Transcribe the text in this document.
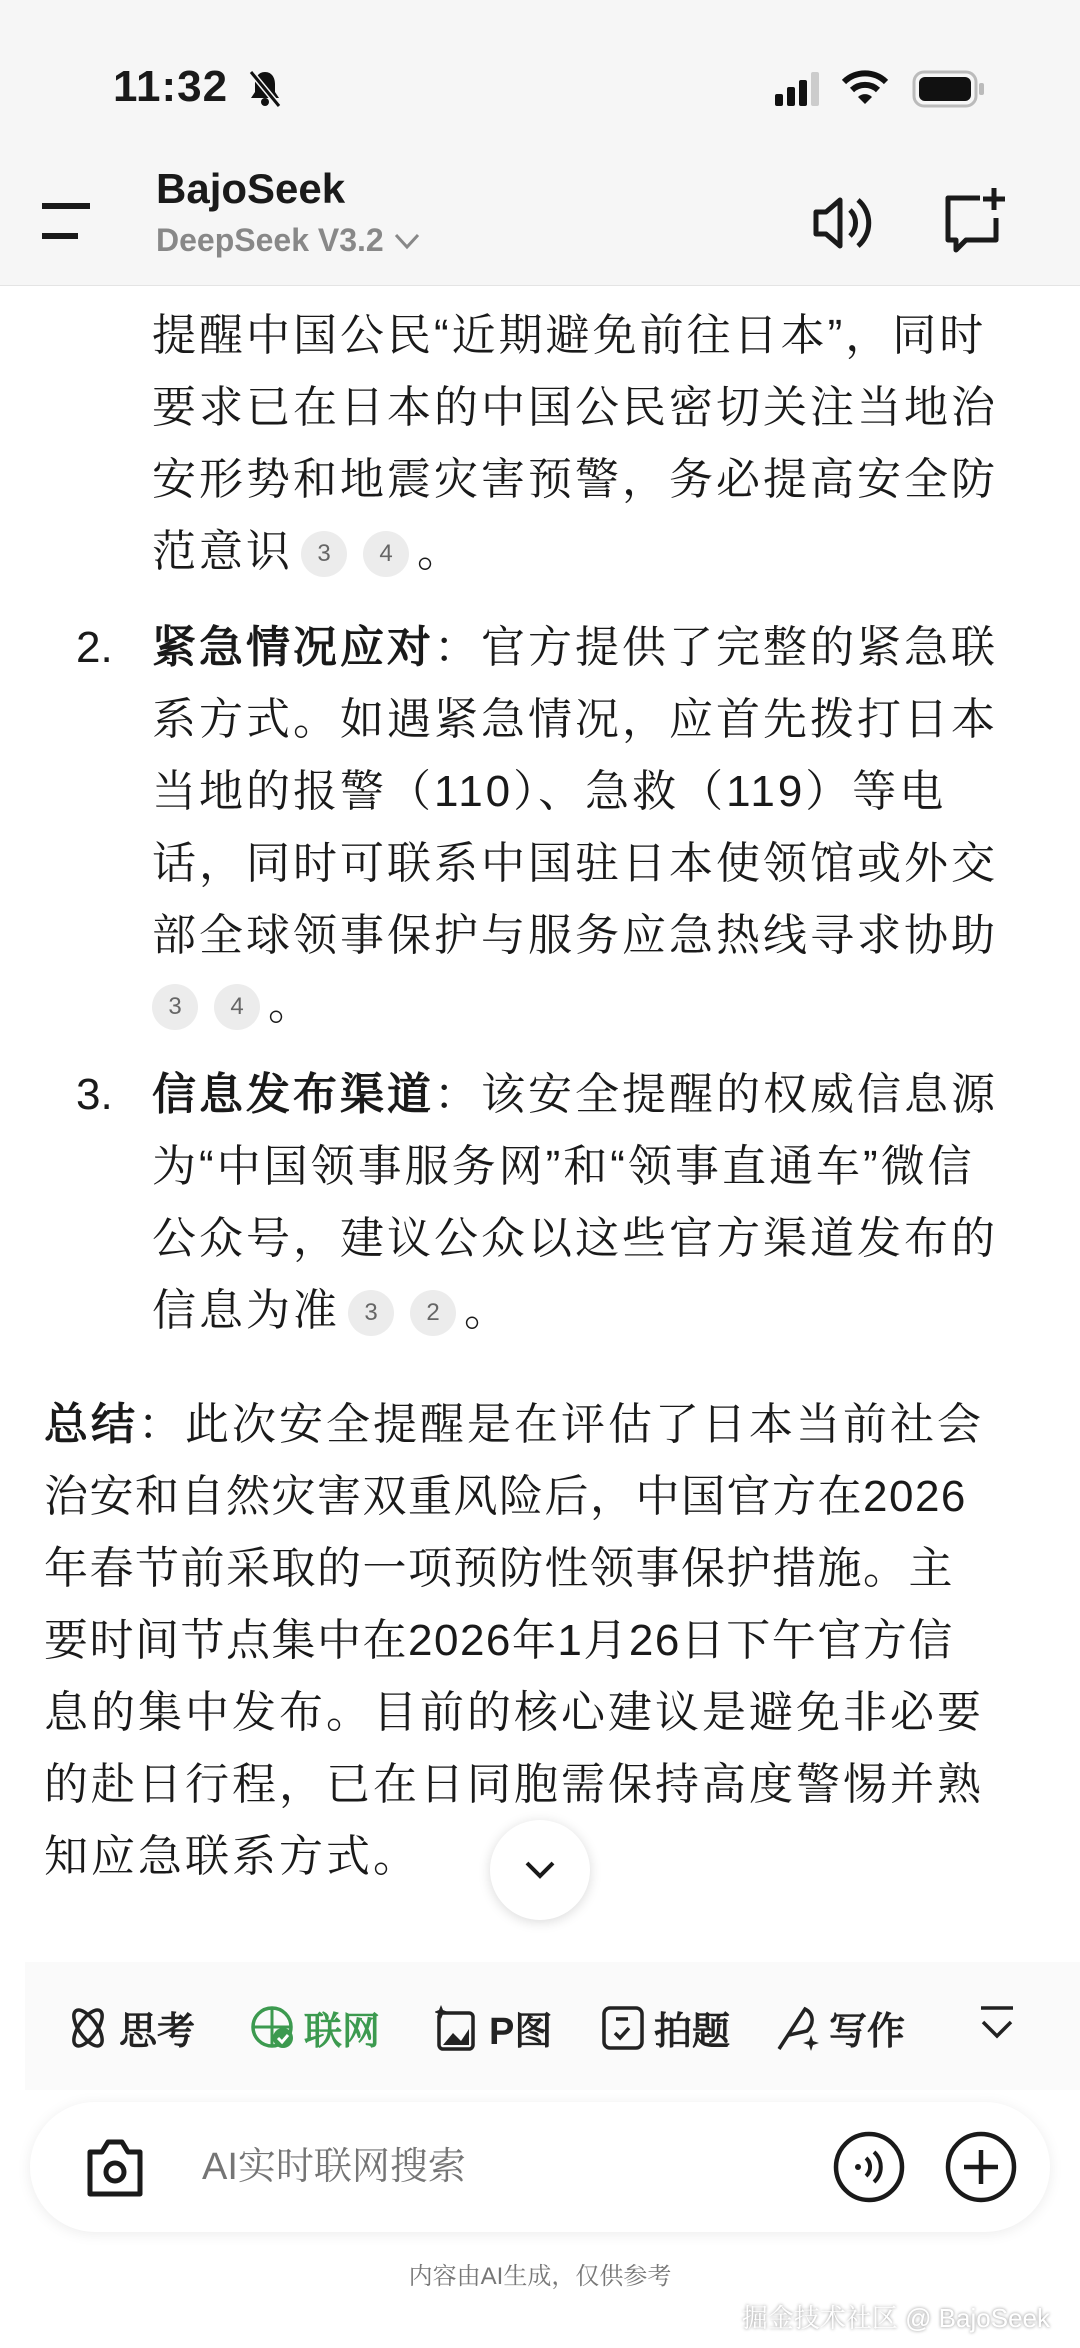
11:32
BajoSeek
DeepSeek V3.2
提醒中国公民“近期避免前往日本”，同时
要求已在日本的中国公民密切关注当地治
安形势和地震灾害预警，务必提高安全防
范意识 3 4 。
2. 紧急情况应对：官方提供了完整的紧急联
系方式。如遇紧急情况，应首先拨打日本
当地的报警（110）、急救（119）等电
话，同时可联系中国驻日本使领馆或外交
部全球领事保护与服务应急热线寻求协助
3 4 。
3. 信息发布渠道：该安全提醒的权威信息源
为“中国领事服务网”和“领事直通车”微信
公众号，建议公众以这些官方渠道发布的
信息为准 3 2 。
总结：此次安全提醒是在评估了日本当前社会
治安和自然灾害双重风险后，中国官方在2026
年春节前采取的一项预防性领事保护措施。主
要时间节点集中在2026年1月26日下午官方信
息的集中发布。目前的核心建议是避免非必要
的赴日行程，已在日同胞需保持高度警惕并熟
知应急联系方式。
思考	联网	P图	拍题	写作
AI实时联网搜索
内容由AI生成，仅供参考
掘金技术社区 @ BajoSeek
